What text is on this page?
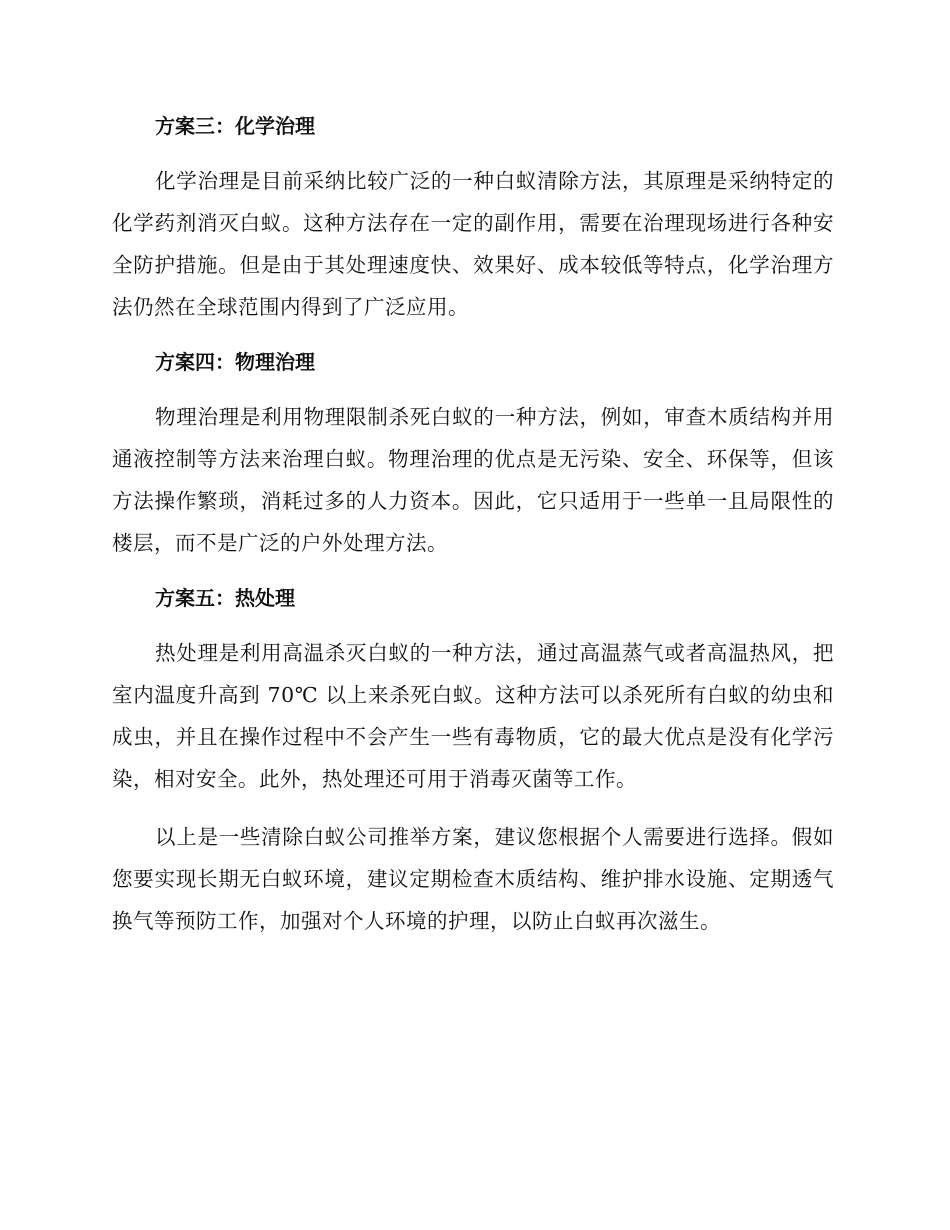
方案三：化学治理

化学治理是目前采纳比较广泛的一种白蚁清除方法，其原理是采纳特定的化学药剂消灭白蚁。这种方法存在一定的副作用，需要在治理现场进行各种安全防护措施。但是由于其处理速度快、效果好、成本较低等特点，化学治理方法仍然在全球范围内得到了广泛应用。

方案四：物理治理

物理治理是利用物理限制杀死白蚁的一种方法，例如，审查木质结构并用通液控制等方法来治理白蚁。物理治理的优点是无污染、安全、环保等，但该方法操作繁琐，消耗过多的人力资本。因此，它只适用于一些单一且局限性的楼层，而不是广泛的户外处理方法。

方案五：热处理

热处理是利用高温杀灭白蚁的一种方法，通过高温蒸气或者高温热风，把室内温度升高到 70℃ 以上来杀死白蚁。这种方法可以杀死所有白蚁的幼虫和成虫，并且在操作过程中不会产生一些有毒物质，它的最大优点是没有化学污染，相对安全。此外，热处理还可用于消毒灭菌等工作。

以上是一些清除白蚁公司推举方案，建议您根据个人需要进行选择。假如您要实现长期无白蚁环境，建议定期检查木质结构、维护排水设施、定期透气换气等预防工作，加强对个人环境的护理，以防止白蚁再次滋生。
